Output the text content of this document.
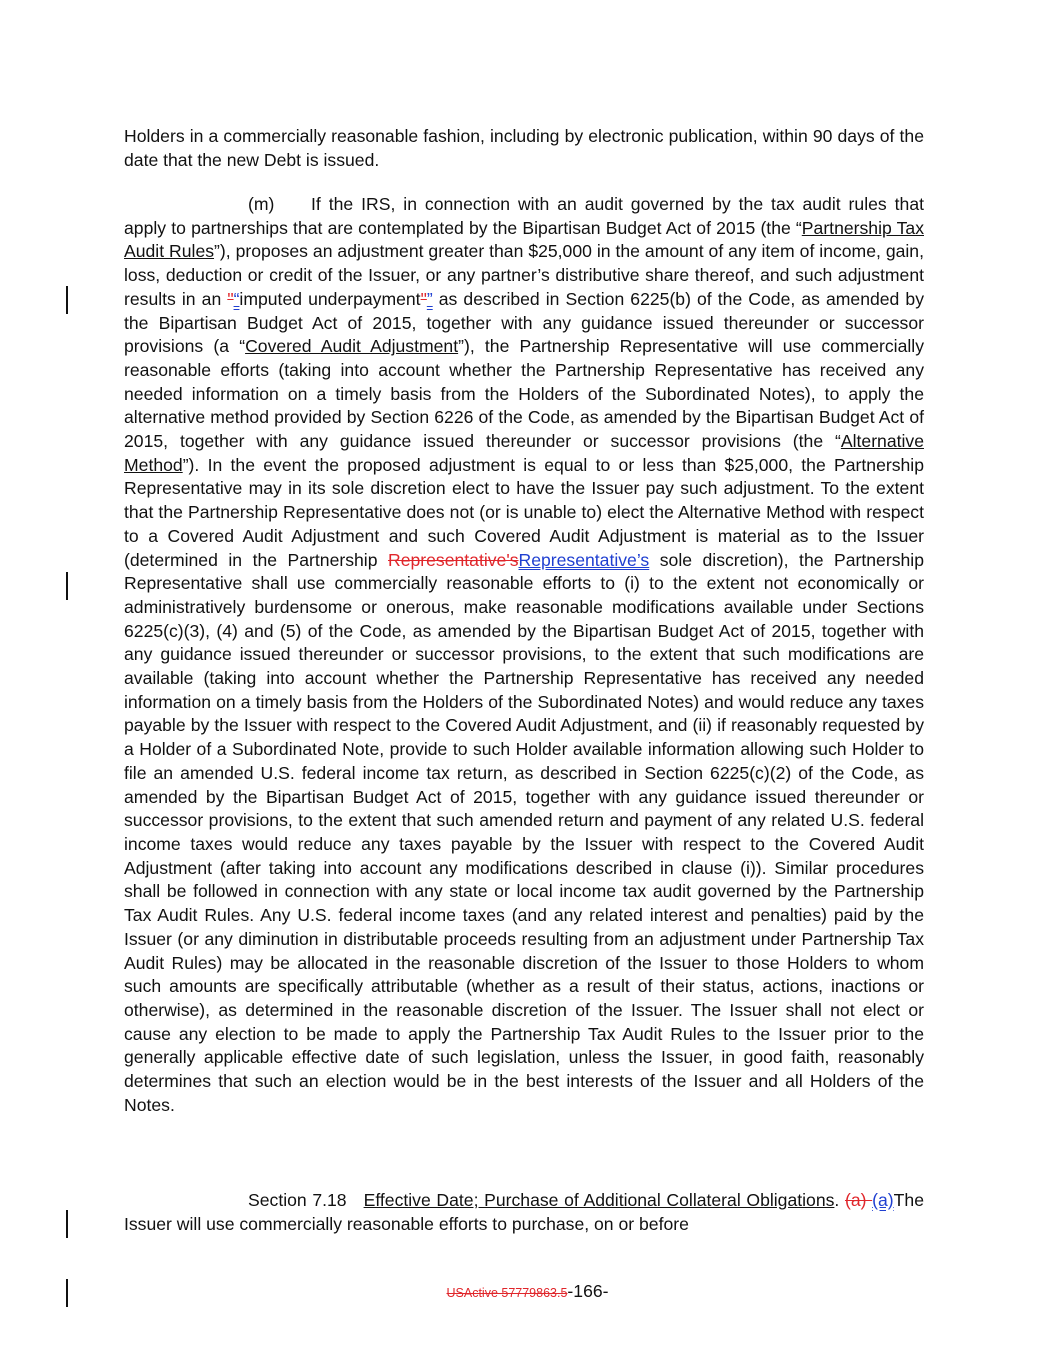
Holders in a commercially reasonable fashion, including by electronic publication, within 90 days of the date that the new Debt is issued.

(m) If the IRS, in connection with an audit governed by the tax audit rules that apply to partnerships that are contemplated by the Bipartisan Budget Act of 2015 (the “Partnership Tax Audit Rules”), proposes an adjustment greater than $25,000 in the amount of any item of income, gain, loss, deduction or credit of the Issuer, or any partner’s distributive share thereof, and such adjustment results in an "“imputed underpayment"” as described in Section 6225(b) of the Code, as amended by the Bipartisan Budget Act of 2015, together with any guidance issued thereunder or successor provisions (a “Covered Audit Adjustment”), the Partnership Representative will use commercially reasonable efforts (taking into account whether the Partnership Representative has received any needed information on a timely basis from the Holders of the Subordinated Notes), to apply the alternative method provided by Section 6226 of the Code, as amended by the Bipartisan Budget Act of 2015, together with any guidance issued thereunder or successor provisions (the “Alternative Method”). In the event the proposed adjustment is equal to or less than $25,000, the Partnership Representative may in its sole discretion elect to have the Issuer pay such adjustment. To the extent that the Partnership Representative does not (or is unable to) elect the Alternative Method with respect to a Covered Audit Adjustment and such Covered Audit Adjustment is material as to the Issuer (determined in the Partnership Representative'sRepresentative’s sole discretion), the Partnership Representative shall use commercially reasonable efforts to (i) to the extent not economically or administratively burdensome or onerous, make reasonable modifications available under Sections 6225(c)(3), (4) and (5) of the Code, as amended by the Bipartisan Budget Act of 2015, together with any guidance issued thereunder or successor provisions, to the extent that such modifications are available (taking into account whether the Partnership Representative has received any needed information on a timely basis from the Holders of the Subordinated Notes) and would reduce any taxes payable by the Issuer with respect to the Covered Audit Adjustment, and (ii) if reasonably requested by a Holder of a Subordinated Note, provide to such Holder available information allowing such Holder to file an amended U.S. federal income tax return, as described in Section 6225(c)(2) of the Code, as amended by the Bipartisan Budget Act of 2015, together with any guidance issued thereunder or successor provisions, to the extent that such amended return and payment of any related U.S. federal income taxes would reduce any taxes payable by the Issuer with respect to the Covered Audit Adjustment (after taking into account any modifications described in clause (i)). Similar procedures shall be followed in connection with any state or local income tax audit governed by the Partnership Tax Audit Rules. Any U.S. federal income taxes (and any related interest and penalties) paid by the Issuer (or any diminution in distributable proceeds resulting from an adjustment under Partnership Tax Audit Rules) may be allocated in the reasonable discretion of the Issuer to those Holders to whom such amounts are specifically attributable (whether as a result of their status, actions, inactions or otherwise), as determined in the reasonable discretion of the Issuer. The Issuer shall not elect or cause any election to be made to apply the Partnership Tax Audit Rules to the Issuer prior to the generally applicable effective date of such legislation, unless the Issuer, in good faith, reasonably determines that such an election would be in the best interests of the Issuer and all Holders of the Notes.

Section 7.18 Effective Date; Purchase of Additional Collateral Obligations. (a) (a)The Issuer will use commercially reasonable efforts to purchase, on or before

USActive 57779863.5-166-
